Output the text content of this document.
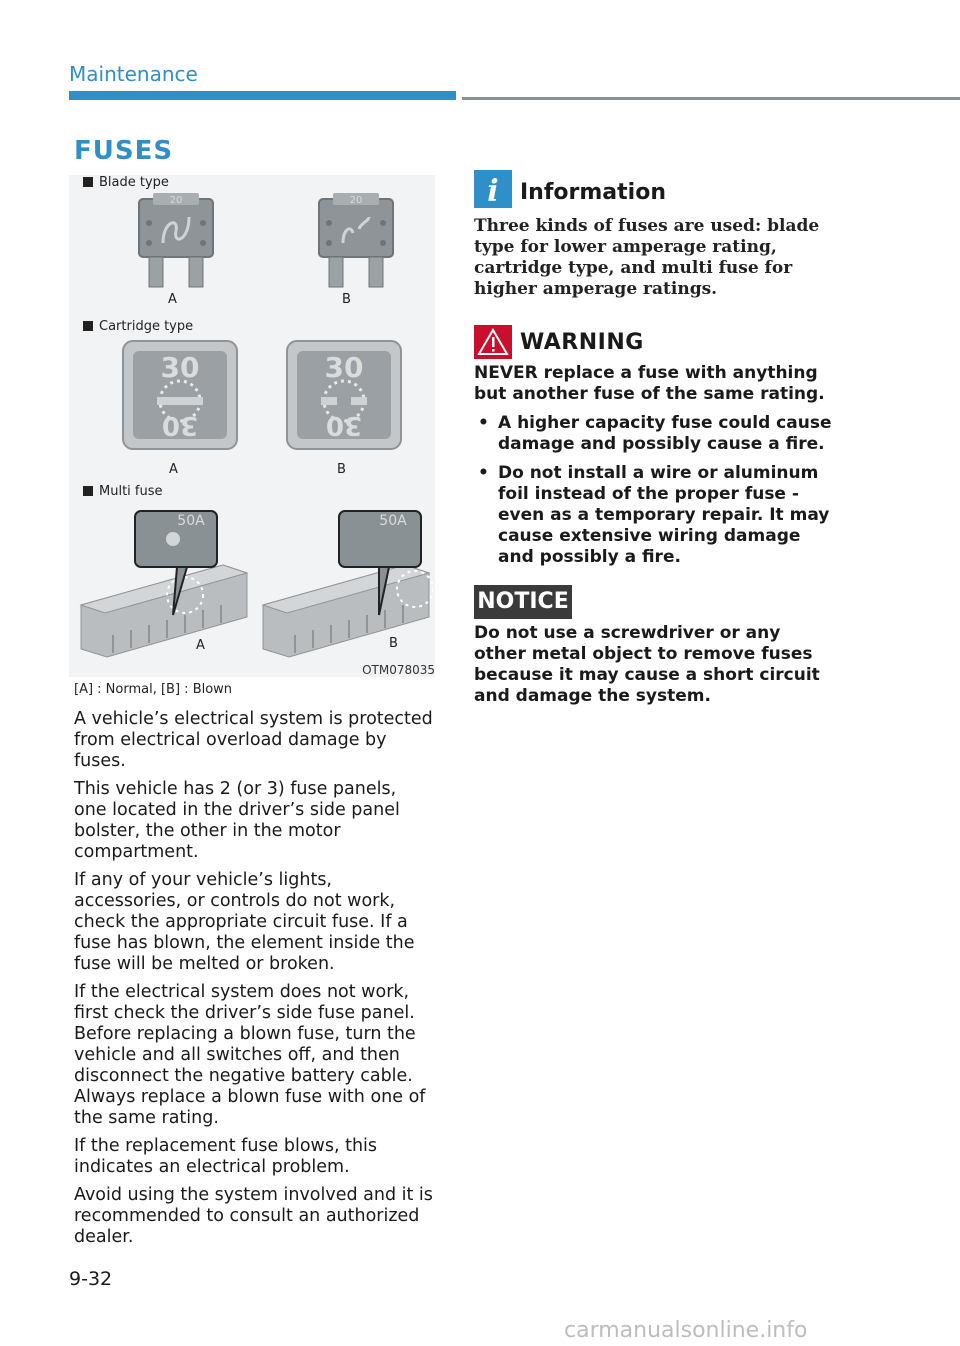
Maintenance
FUSES
Blade type
20	20
A	B
Cartridge type
30
30
30
30
A	B
Multi fuse
50A	50A
A	B
OTM078035
[A] : Normal, [B] : Blown

A vehicle’s electrical system is protected from electrical overload damage by fuses.

This vehicle has 2 (or 3) fuse panels, one located in the driver’s side panel bolster, the other in the motor compartment.

If any of your vehicle’s lights, accessories, or controls do not work, check the appropriate circuit fuse. If a fuse has blown, the element inside the fuse will be melted or broken.

If the electrical system does not work, first check the driver’s side fuse panel. Before replacing a blown fuse, turn the vehicle and all switches off, and then disconnect the negative battery cable. Always replace a blown fuse with one of the same rating.

If the replacement fuse blows, this indicates an electrical problem.

Avoid using the system involved and it is recommended to consult an authorized dealer.

i Information
Three kinds of fuses are used: blade type for lower amperage rating, cartridge type, and multi fuse for higher amperage ratings.
WARNING

NEVER replace a fuse with anything but another fuse of the same rating.

• A higher capacity fuse could cause damage and possibly cause a fire.
• Do not install a wire or aluminum foil instead of the proper fuse - even as a temporary repair. It may cause extensive wiring damage and possibly a fire.
NOTICE
Do not use a screwdriver or any other metal object to remove fuses because it may cause a short circuit and damage the system.
9-32
carmanualsonline.info
